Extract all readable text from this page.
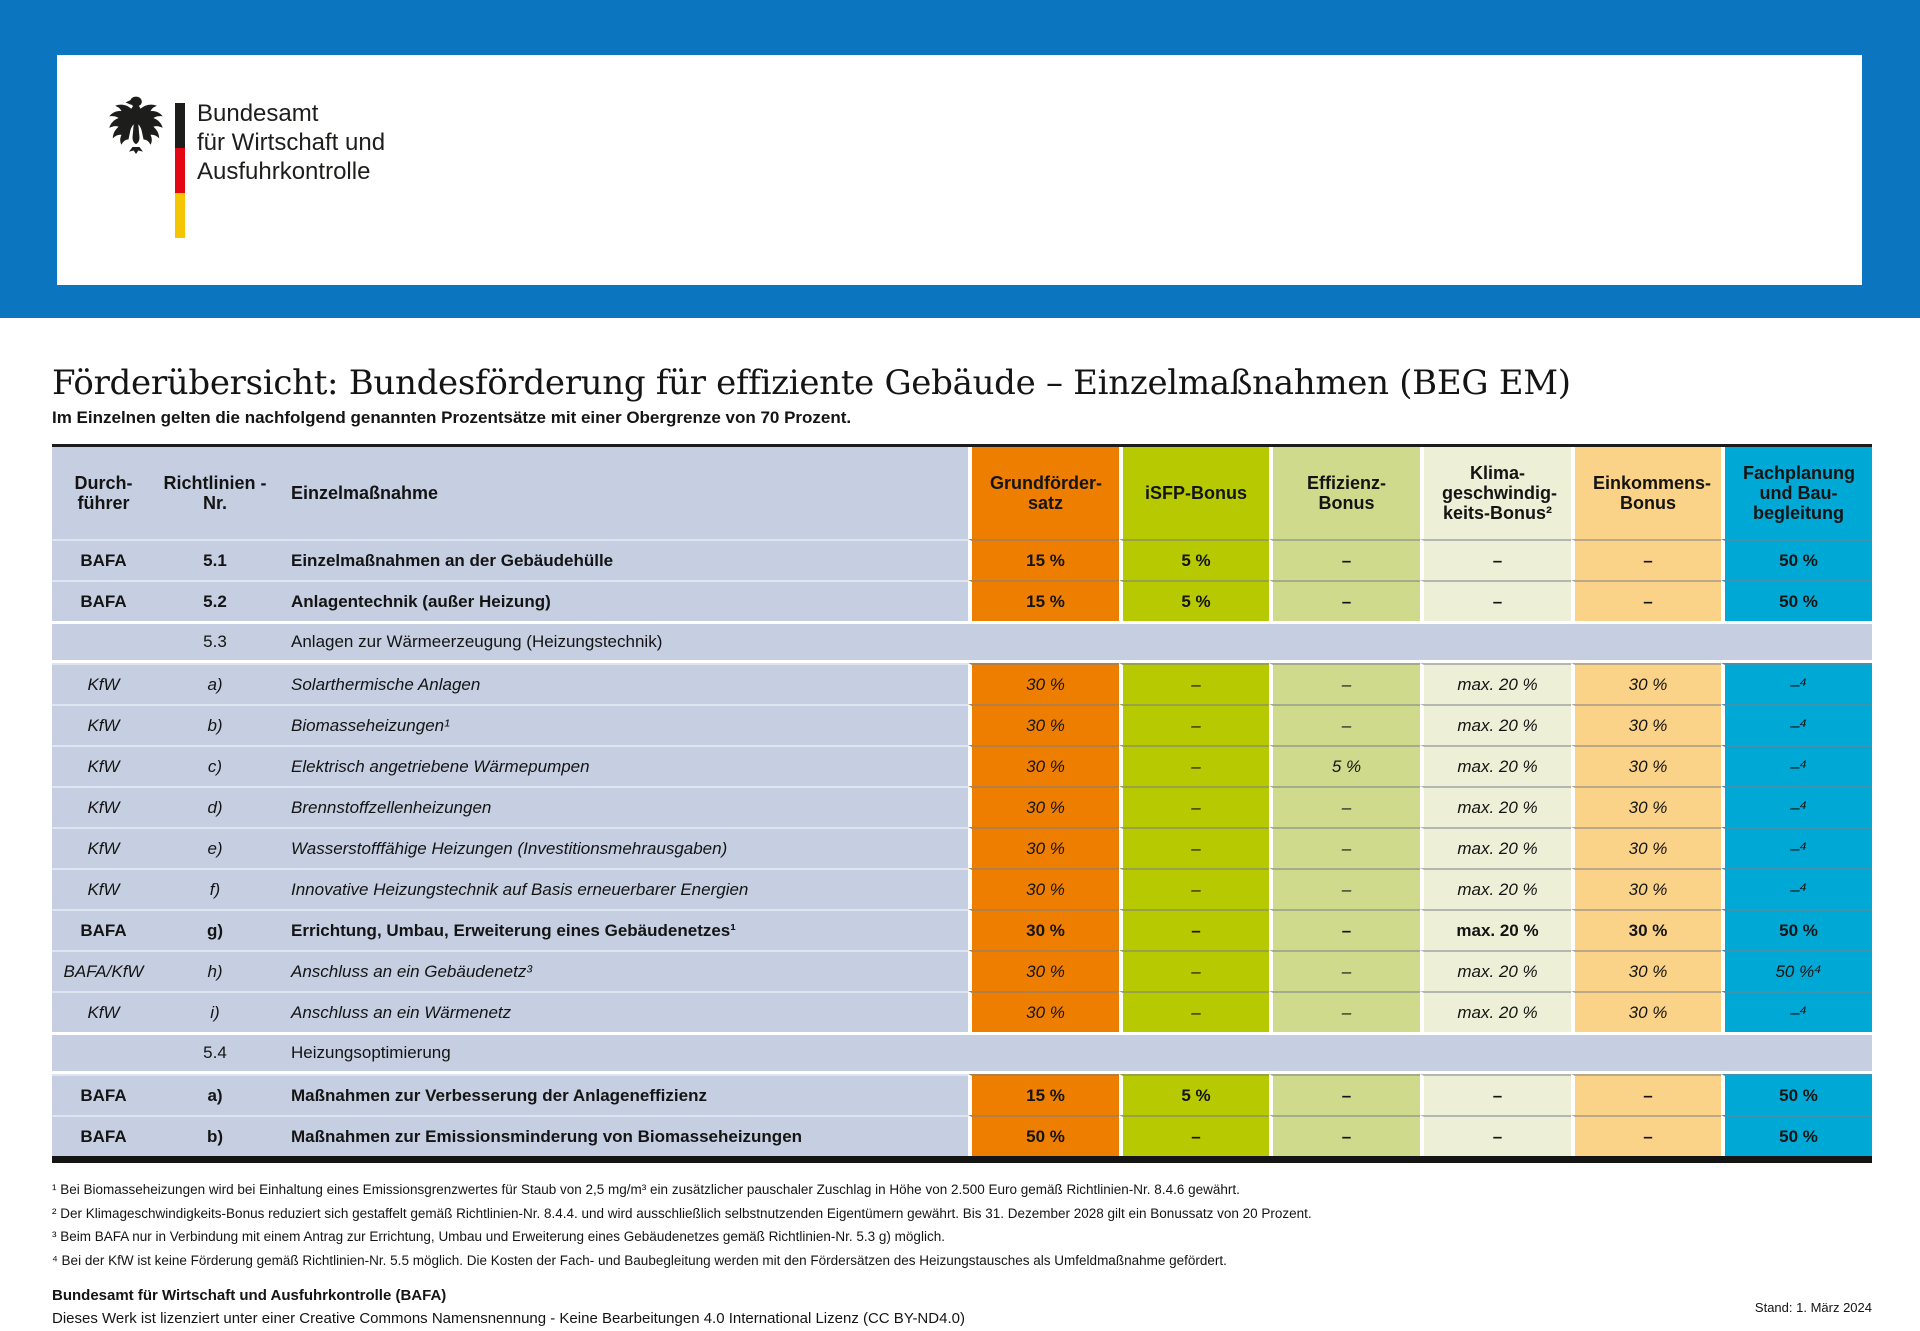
Bundesamt
für Wirtschaft und
Ausfuhrkontrolle
Förderübersicht: Bundesförderung für effiziente Gebäude – Einzelmaßnahmen (BEG EM)
Im Einzelnen gelten die nachfolgend genannten Prozentsätze mit einer Obergrenze von 70 Prozent.
Durch-führer	Richtlinien -Nr.	Einzelmaßnahme	Grundförder-satz	iSFP-Bonus	Effizienz-Bonus	Klima-geschwindig-keits-Bonus²	Einkommens-Bonus	Fachplanung und Bau-begleitung
BAFA	5.1	Einzelmaßnahmen an der Gebäudehülle	15 %	5 %	–	–	–	50 %
BAFA	5.2	Anlagentechnik (außer Heizung)	15 %	5 %	–	–	–	50 %
	5.3	Anlagen zur Wärmeerzeugung (Heizungstechnik)						
KfW	a)	Solarthermische Anlagen	30 %	–	–	max. 20 %	30 %	–⁴
KfW	b)	Biomasseheizungen¹	30 %	–	–	max. 20 %	30 %	–⁴
KfW	c)	Elektrisch angetriebene Wärmepumpen	30 %	–	5 %	max. 20 %	30 %	–⁴
KfW	d)	Brennstoffzellenheizungen	30 %	–	–	max. 20 %	30 %	–⁴
KfW	e)	Wasserstofffähige Heizungen (Investitionsmehrausgaben)	30 %	–	–	max. 20 %	30 %	–⁴
KfW	f)	Innovative Heizungstechnik auf Basis erneuerbarer Energien	30 %	–	–	max. 20 %	30 %	–⁴
BAFA	g)	Errichtung, Umbau, Erweiterung eines Gebäudenetzes¹	30 %	–	–	max. 20 %	30 %	50 %
BAFA/KfW	h)	Anschluss an ein Gebäudenetz³	30 %	–	–	max. 20 %	30 %	50 %⁴
KfW	i)	Anschluss an ein Wärmenetz	30 %	–	–	max. 20 %	30 %	–⁴
	5.4	Heizungsoptimierung						
BAFA	a)	Maßnahmen zur Verbesserung der Anlageneffizienz	15 %	5 %	–	–	–	50 %
BAFA	b)	Maßnahmen zur Emissionsminderung von Biomasseheizungen	50 %	–	–	–	–	50 %
¹ Bei Biomasseheizungen wird bei Einhaltung eines Emissionsgrenzwertes für Staub von 2,5 mg/m³ ein zusätzlicher pauschaler Zuschlag in Höhe von 2.500 Euro gemäß Richtlinien-Nr. 8.4.6 gewährt.
² Der Klimageschwindigkeits-Bonus reduziert sich gestaffelt gemäß Richtlinien-Nr. 8.4.4. und wird ausschließlich selbstnutzenden Eigentümern gewährt. Bis 31. Dezember 2028 gilt ein Bonussatz von 20 Prozent.
³ Beim BAFA nur in Verbindung mit einem Antrag zur Errichtung, Umbau und Erweiterung eines Gebäudenetzes gemäß Richtlinien-Nr. 5.3 g) möglich.
⁴ Bei der KfW ist keine Förderung gemäß Richtlinien-Nr. 5.5 möglich. Die Kosten der Fach- und Baubegleitung werden mit den Fördersätzen des Heizungstausches als Umfeldmaßnahme gefördert.
Bundesamt für Wirtschaft und Ausfuhrkontrolle (BAFA)
Dieses Werk ist lizenziert unter einer Creative Commons Namensnennung - Keine Bearbeitungen 4.0 International Lizenz (CC BY-ND4.0)
Stand: 1. März 2024
